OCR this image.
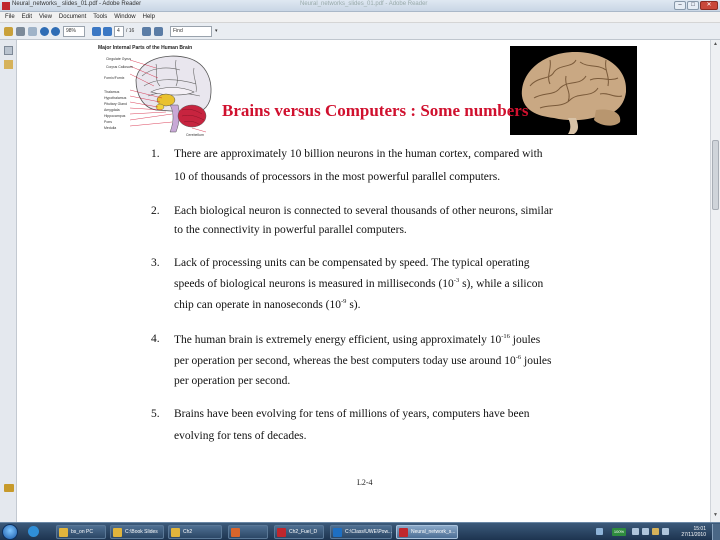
Neural_networks_ slides_01.pdf - Adobe Reader	Neural_networks_slides_01.pdf - Adobe Reader	–	□	✕
File Edit View Document Tools Window Help
98%	4	/ 16	Find	▾
Major Internal Parts of the Human Brain
Cingulate Gyrus
Corpus Callosum
Fornix/Fornix
Thalamus
Hypothalamus
Pituitary Gland
Amygdala
Hippocampus
Pons
Medulla
Cerebellum
Brains versus Computers : Some numbers
1. There are approximately 10 billion neurons in the human cortex, compared with
10 of thousands of processors in the most powerful parallel computers.
2. Each biological neuron is connected to several thousands of other neurons, similar
to the connectivity in powerful parallel computers.
3. Lack of processing units can be compensated by speed. The typical operating
speeds of biological neurons is measured in milliseconds ($10^{-3}$ s), while a silicon
chip can operate in nanoseconds ($10^{-9}$ s).
4. The human brain is extremely energy efficient, using approximately $10^{-16}$ joules
per operation per second, whereas the best computers today use around $10^{-6}$ joules
per operation per second.
5. Brains have been evolving for tens of millions of years, computers have been
evolving for tens of decades.
L2-4
▲
▼
bs_on PC	C:\Book Slides	Ch2	Ch2_Fuel_D	C:\Class\UWE\Pow...	Neural_network_s...	100%	15:01
27/11/2010
